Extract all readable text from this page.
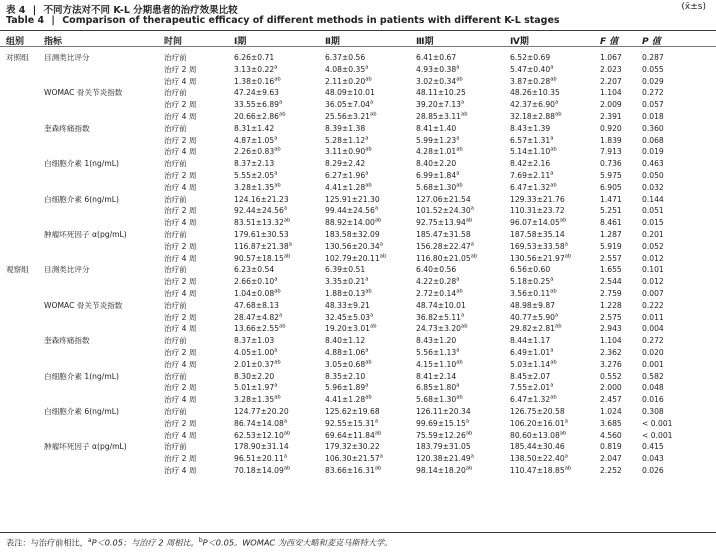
表 4 | 不同方法对不同 K-L 分期患者的治疗效果比较
Table 4 | Comparison of therapeutic efficacy of different methods in patients with different K-L stages
(x̄±s)
组别 指标	时间	Ⅰ期	Ⅱ期	Ⅲ期	Ⅳ期	F 值	P 值
对照组	目测类比评分	治疗前	6.26±0.71	6.37±0.56	6.41±0.67	6.52±0.69	1.067	0.287
		治疗 2 周	3.13±0.22$^a$	4.08±0.35$^a$	4.93±0.38$^a$	5.47±0.40$^a$	2.023	0.055
		治疗 4 周	1.38±0.16$^{ab}$	2.11±0.20$^{ab}$	3.02±0.34$^{ab}$	3.87±0.28$^{ab}$	2.207	0.029
	WOMAC 骨关节炎指数	治疗前	47.24±9.63	48.09±10.01	48.11±10.25	48.26±10.35	1.104	0.272
		治疗 2 周	33.55±6.89$^a$	36.05±7.04$^a$	39.20±7.13$^a$	42.37±6.90$^a$	2.009	0.057
		治疗 4 周	20.66±2.86$^{ab}$	25.56±3.21$^{ab}$	28.85±3.11$^{ab}$	32.18±2.88$^{ab}$	2.391	0.018
	奎森疼痛指数	治疗前	8.31±1.42	8.39±1.38	8.41±1.40	8.43±1.39	0.920	0.360
		治疗 2 周	4.87±1.05$^a$	5.28±1.12$^a$	5.99±1.23$^a$	6.57±1.31$^a$	1.839	0.068
		治疗 4 周	2.26±0.83$^{ab}$	3.11±0.90$^{ab}$	4.28±1.01$^{ab}$	5.14±1.10$^{ab}$	7.913	0.019
	白细胞介素 1(ng/mL)	治疗前	8.37±2.13	8.29±2.42	8.40±2.20	8.42±2.16	0.736	0.463
		治疗 2 周	5.55±2.05$^a$	6.27±1.96$^a$	6.99±1.84$^a$	7.69±2.11$^a$	5.975	0.050
		治疗 4 周	3.28±1.35$^{ab}$	4.41±1.28$^{ab}$	5.68±1.30$^{ab}$	6.47±1.32$^{ab}$	6.905	0.032
	白细胞介素 6(ng/mL)	治疗前	124.16±21.23	125.91±21.30	127.06±21.54	129.33±21.76	1.471	0.144
		治疗 2 周	92.44±24.56$^a$	99.44±24.56$^a$	101.52±24.30$^a$	110.31±23.72	5.251	0.051
		治疗 4 周	83.51±13.32$^{ab}$	88.92±14.00$^{ab}$	92.75±13.94$^{ab}$	96.07±14.05$^{ab}$	8.461	0.015
	肿瘤坏死因子 α(pg/mL)	治疗前	179.61±30.53	183.58±32.09	185.47±31.58	187.58±35.14	1.287	0.201
		治疗 2 周	116.87±21.38$^a$	130.56±20.34$^a$	156.28±22.47$^a$	169.53±33.58$^a$	5.919	0.052
		治疗 4 周	90.57±18.15$^{ab}$	102.79±20.11$^{ab}$	116.80±21.05$^{ab}$	130.56±21.97$^{ab}$	2.557	0.012
观察组	目测类比评分	治疗前	6.23±0.54	6.39±0.51	6.40±0.56	6.56±0.60	1.655	0.101
		治疗 2 周	2.66±0.10$^a$	3.35±0.21$^a$	4.22±0.28$^a$	5.18±0.25$^a$	2.544	0.012
		治疗 4 周	1.04±0.08$^{ab}$	1.88±0.13$^{ab}$	2.72±0.14$^{ab}$	3.56±0.11$^{ab}$	2.759	0.007
	WOMAC 骨关节炎指数	治疗前	47.68±8.13	48.33±9.21	48.74±10.01	48.98±9.87	1.228	0.222
		治疗 2 周	28.47±4.82$^a$	32.45±5.03$^a$	36.82±5.11$^a$	40.77±5.90$^a$	2.575	0.011
		治疗 4 周	13.66±2.55$^{ab}$	19.20±3.01$^{ab}$	24.73±3.20$^{ab}$	29.82±2.81$^{ab}$	2.943	0.004
	奎森疼痛指数	治疗前	8.37±1.03	8.40±1.12	8.43±1.20	8.44±1.17	1.104	0.272
		治疗 2 周	4.05±1.00$^a$	4.88±1.06$^a$	5.56±1.13$^a$	6.49±1.01$^a$	2.362	0.020
		治疗 4 周	2.01±0.37$^{ab}$	3.05±0.68$^{ab}$	4.15±1.10$^{ab}$	5.03±1.14$^{ab}$	3.276	0.001
	白细胞介素 1(ng/mL)	治疗前	8.30±2.20	8.35±2.10	8.41±2.14	8.45±2.07	0.552	0.582
		治疗 2 周	5.01±1.97$^a$	5.96±1.89$^a$	6.85±1.80$^a$	7.55±2.01$^a$	2.000	0.048
		治疗 4 周	3.28±1.35$^{ab}$	4.41±1.28$^{ab}$	5.68±1.30$^{ab}$	6.47±1.32$^{ab}$	2.457	0.016
	白细胞介素 6(ng/mL)	治疗前	124.77±20.20	125.62±19.68	126.11±20.34	126.75±20.58	1.024	0.308
		治疗 2 周	86.74±14.08$^a$	92.55±15.31$^a$	99.69±15.15$^a$	106.20±16.01$^a$	3.685	< 0.001
		治疗 4 周	62.53±12.10$^{ab}$	69.64±11.84$^{ab}$	75.59±12.26$^{ab}$	80.60±13.08$^{ab}$	4.560	< 0.001
	肿瘤坏死因子 α(pg/mL)	治疗前	178.90±31.14	179.32±30.22	183.79±31.05	185.44±30.46	0.819	0.415
		治疗 2 周	96.51±20.11$^a$	106.30±21.57$^a$	120.38±21.49$^a$	138.50±22.40$^a$	2.047	0.043
		治疗 4 周	70.18±14.09$^{ab}$	83.66±16.31$^{ab}$	98.14±18.20$^{ab}$	110.47±18.85$^{ab}$	2.252	0.026
表注：与治疗前相比，$^a$P＜0.05；与治疗 2 周相比，$^b$P＜0.05。WOMAC 为西安大略和麦克马斯特大学。
